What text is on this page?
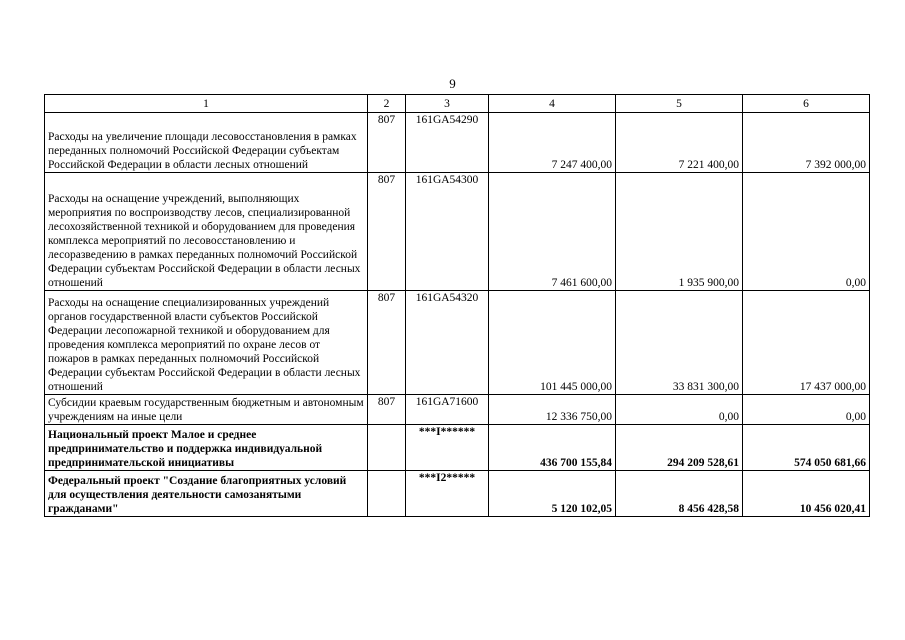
9
1	2	3	4	5	6
Расходы на увеличение площади лесовосстановления в рамках переданных полномочий Российской Федерации субъектам Российской Федерации в области лесных отношений	807	161GA54290	7 247 400,00	7 221 400,00	7 392 000,00
Расходы на оснащение учреждений, выполняющих мероприятия по воспроизводству лесов, специализированной лесохозяйственной техникой и оборудованием для проведения комплекса мероприятий по лесовосстановлению и лесоразведению в рамках переданных полномочий Российской Федерации субъектам Российской Федерации в области лесных отношений	807	161GA54300	7 461 600,00	1 935 900,00	0,00
Расходы на оснащение специализированных учреждений органов государственной власти субъектов Российской Федерации лесопожарной техникой и оборудованием для проведения комплекса мероприятий по охране лесов от пожаров в рамках переданных полномочий Российской Федерации субъектам Российской Федерации в области лесных отношений	807	161GA54320	101 445 000,00	33 831 300,00	17 437 000,00
Субсидии краевым государственным бюджетным и автономным учреждениям на иные цели	807	161GA71600	12 336 750,00	0,00	0,00
Национальный проект Малое и среднее предпринимательство и поддержка индивидуальной предпринимательской инициативы		***I******	436 700 155,84	294 209 528,61	574 050 681,66
Федеральный проект "Создание благоприятных условий для осуществления деятельности самозанятыми гражданами"		***I2*****	5 120 102,05	8 456 428,58	10 456 020,41
